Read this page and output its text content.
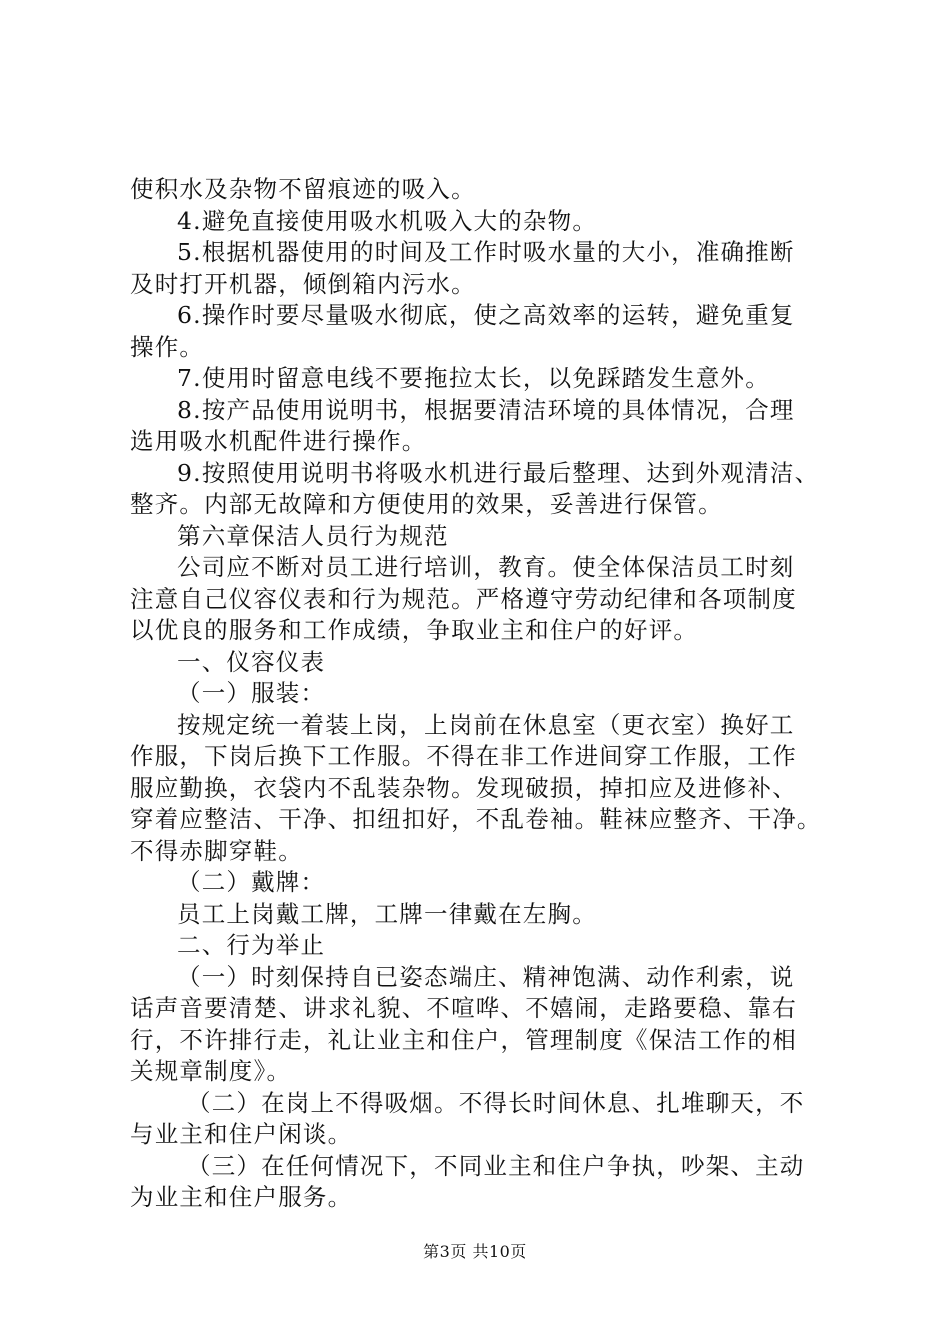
使积水及杂物不留痕迹的吸入。
4.避免直接使用吸水机吸入大的杂物。
5.根据机器使用的时间及工作时吸水量的大小，准确推断
及时打开机器，倾倒箱内污水。
6.操作时要尽量吸水彻底，使之高效率的运转，避免重复
操作。
7.使用时留意电线不要拖拉太长，以免踩踏发生意外。
8.按产品使用说明书，根据要清洁环境的具体情况，合理
选用吸水机配件进行操作。
9.按照使用说明书将吸水机进行最后整理、达到外观清洁、
整齐。内部无故障和方便使用的效果，妥善进行保管。
第六章保洁人员行为规范
公司应不断对员工进行培训，教育。使全体保洁员工时刻
注意自己仪容仪表和行为规范。严格遵守劳动纪律和各项制度
以优良的服务和工作成绩，争取业主和住户的好评。
一、仪容仪表
（一）服装：
按规定统一着装上岗，上岗前在休息室（更衣室）换好工
作服，下岗后换下工作服。不得在非工作进间穿工作服，工作
服应勤换，衣袋内不乱装杂物。发现破损，掉扣应及进修补、
穿着应整洁、干净、扣纽扣好，不乱卷袖。鞋袜应整齐、干净。
不得赤脚穿鞋。
（二）戴牌：
员工上岗戴工牌，工牌一律戴在左胸。
二、行为举止
（一）时刻保持自已姿态端庄、精神饱满、动作利索，说
话声音要清楚、讲求礼貌、不喧哗、不嬉闹，走路要稳、靠右
行，不许排行走，礼让业主和住户，管理制度《保洁工作的相
关规章制度》。
（二）在岗上不得吸烟。不得长时间休息、扎堆聊天，不
与业主和住户闲谈。
（三）在任何情况下，不同业主和住户争执，吵架、主动
为业主和住户服务。
第3页 共10页
